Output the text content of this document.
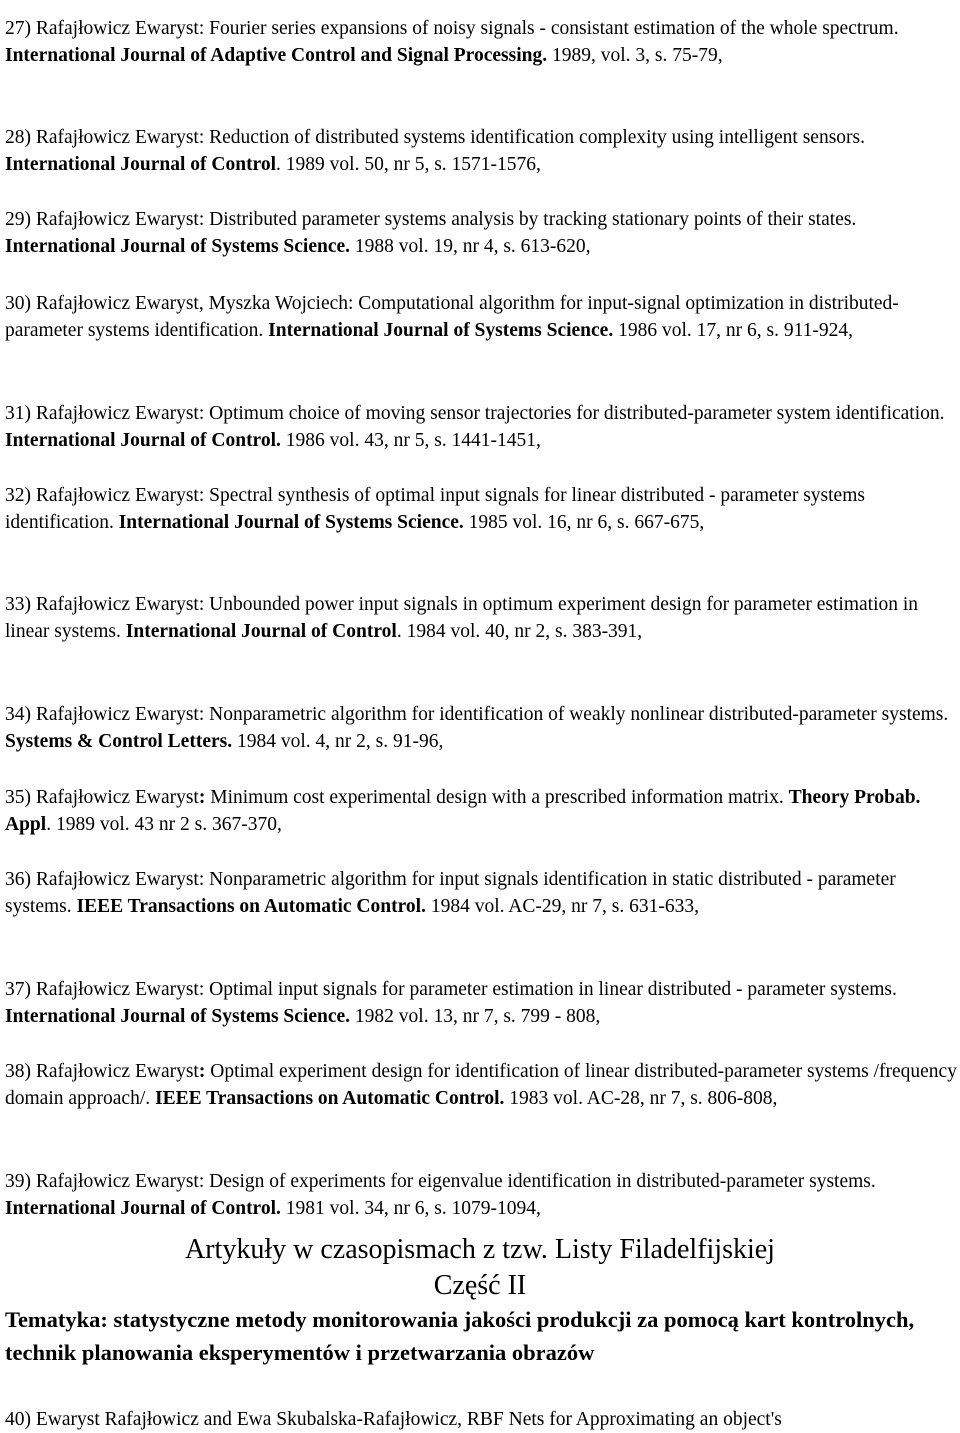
27) Rafajłowicz Ewaryst: Fourier series expansions of noisy signals - consistant estimation of the whole spectrum. International Journal of Adaptive Control and Signal Processing. 1989, vol. 3, s. 75-79,

28) Rafajłowicz Ewaryst: Reduction of distributed systems identification complexity using intelligent sensors. International Journal of Control. 1989 vol. 50, nr 5, s. 1571-1576,

29) Rafajłowicz Ewaryst: Distributed parameter systems analysis by tracking stationary points of their states. International Journal of Systems Science. 1988 vol. 19, nr 4, s. 613-620,

30) Rafajłowicz Ewaryst, Myszka Wojciech: Computational algorithm for input-signal optimization in distributed- parameter systems identification. International Journal of Systems Science. 1986 vol. 17, nr 6, s. 911-924,

31) Rafajłowicz Ewaryst: Optimum choice of moving sensor trajectories for distributed-parameter system identification. International Journal of Control. 1986 vol. 43, nr 5, s. 1441-1451,

32) Rafajłowicz Ewaryst: Spectral synthesis of optimal input signals for linear distributed - parameter systems identification. International Journal of Systems Science. 1985 vol. 16, nr 6, s. 667-675,

33) Rafajłowicz Ewaryst: Unbounded power input signals in optimum experiment design for parameter estimation in linear systems. International Journal of Control. 1984 vol. 40, nr 2, s. 383-391,

34) Rafajłowicz Ewaryst: Nonparametric algorithm for identification of weakly nonlinear distributed-parameter systems. Systems & Control Letters. 1984 vol. 4, nr 2, s. 91-96,

35) Rafajłowicz Ewaryst: Minimum cost experimental design with a prescribed information matrix. Theory Probab. Appl. 1989 vol. 43 nr 2 s. 367-370,

36) Rafajłowicz Ewaryst: Nonparametric algorithm for input signals identification in static distributed - parameter systems. IEEE Transactions on Automatic Control. 1984 vol. AC-29, nr 7, s. 631-633,

37) Rafajłowicz Ewaryst: Optimal input signals for parameter estimation in linear distributed - parameter systems. International Journal of Systems Science. 1982 vol. 13, nr 7, s. 799 - 808,

38) Rafajłowicz Ewaryst: Optimal experiment design for identification of linear distributed-parameter systems /frequency domain approach/. IEEE Transactions on Automatic Control. 1983 vol. AC-28, nr 7, s. 806-808,

39) Rafajłowicz Ewaryst: Design of experiments for eigenvalue identification in distributed-parameter systems. International Journal of Control. 1981 vol. 34, nr 6, s. 1079-1094,

Artykuły w czasopismach z tzw. Listy Filadelfijskiej
Część II
Tematyka: statystyczne metody monitorowania jakości produkcji za pomocą kart kontrolnych, technik planowania eksperymentów i przetwarzania obrazów

40) Ewaryst Rafajłowicz and Ewa Skubalska-Rafajłowicz, RBF Nets for Approximating an object's
